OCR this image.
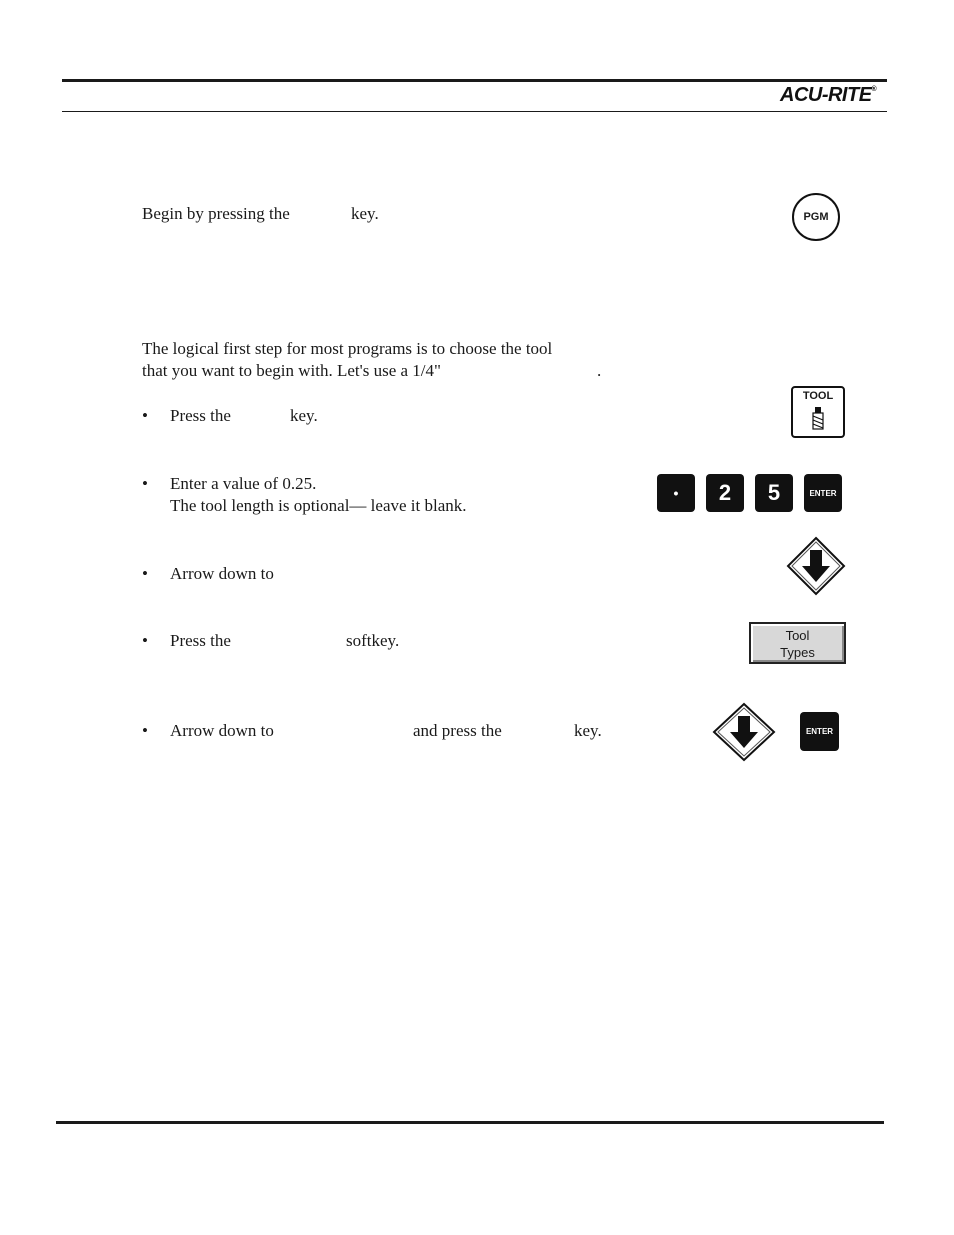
ACU-RITE®
Begin by pressing the	key.	PGM
The logical first step for most programs is to choose the tool
that you want to begin with. Let's use a 1/4"	.
• Press the	key.
TOOL
• Enter a value of 0.25.
The tool length is optional— leave it blank.
•	2	5	ENTER
• Arrow down to
• Press the	softkey.	Tool
Types
• Arrow down to	and press the	key.	ENTER
